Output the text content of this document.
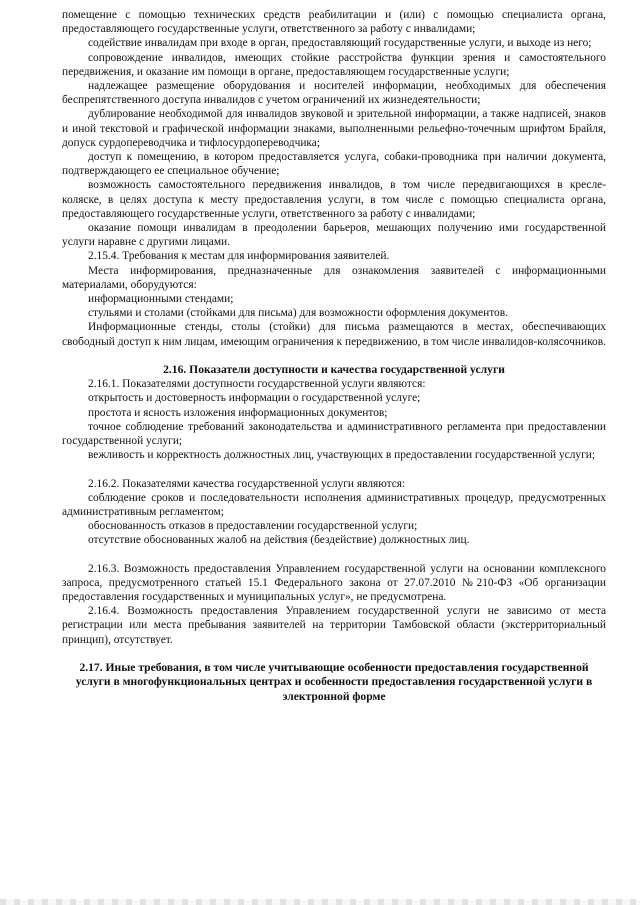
помещение с помощью технических средств реабилитации и (или) с помощью специалиста органа, предоставляющего государственные услуги, ответственного за работу с инвалидами;

содействие инвалидам при входе в орган, предоставляющий государственные услуги, и выходе из него;

сопровождение инвалидов, имеющих стойкие расстройства функции зрения и самостоятельного передвижения, и оказание им помощи в органе, предоставляющем государственные услуги;

надлежащее размещение оборудования и носителей информации, необходимых для обеспечения беспрепятственного доступа инвалидов с учетом ограничений их жизнедеятельности;

дублирование необходимой для инвалидов звуковой и зрительной информации, а также надписей, знаков и иной текстовой и графической информации знаками, выполненными рельефно-точечным шрифтом Брайля, допуск сурдопереводчика и тифлосурдопереводчика;

доступ к помещению, в котором предоставляется услуга, собаки-проводника при наличии документа, подтверждающего ее специальное обучение;

возможность самостоятельного передвижения инвалидов, в том числе передвигающихся в кресле-коляске, в целях доступа к месту предоставления услуги, в том числе с помощью специалиста органа, предоставляющего государственные услуги, ответственного за работу с инвалидами;

оказание помощи инвалидам в преодолении барьеров, мешающих получению ими государственной услуги наравне с другими лицами.

2.15.4. Требования к местам для информирования заявителей.

Места информирования, предназначенные для ознакомления заявителей с информационными материалами, оборудуются:

информационными стендами;

стульями и столами (стойками для письма) для возможности оформления документов.

Информационные стенды, столы (стойки) для письма размещаются в местах, обеспечивающих свободный доступ к ним лицам, имеющим ограничения к передвижению, в том числе инвалидов-колясочников.

2.16. Показатели доступности и качества государственной услуги

2.16.1. Показателями доступности государственной услуги являются:

открытость и достоверность информации о государственной услуге;

простота и ясность изложения информационных документов;

точное соблюдение требований законодательства и административного регламента при предоставлении государственной услуги;

вежливость и корректность должностных лиц, участвующих в предоставлении государственной услуги;

2.16.2. Показателями качества государственной услуги являются:

соблюдение сроков и последовательности исполнения административных процедур, предусмотренных административным регламентом;

обоснованность отказов в предоставлении государственной услуги;

отсутствие обоснованных жалоб на действия (бездействие) должностных лиц.

2.16.3. Возможность предоставления Управлением государственной услуги на основании комплексного запроса, предусмотренного статьей 15.1 Федерального закона от 27.07.2010 №210-ФЗ «Об организации предоставления государственных и муниципальных услуг», не предусмотрена.

2.16.4. Возможность предоставления Управлением государственной услуги не зависимо от места регистрации или места пребывания заявителей на территории Тамбовской области (экстерриториальный принцип), отсутствует.

2.17. Иные требования, в том числе учитывающие особенности предоставления государственной услуги в многофункциональных центрах и особенности предоставления государственной услуги в электронной форме
